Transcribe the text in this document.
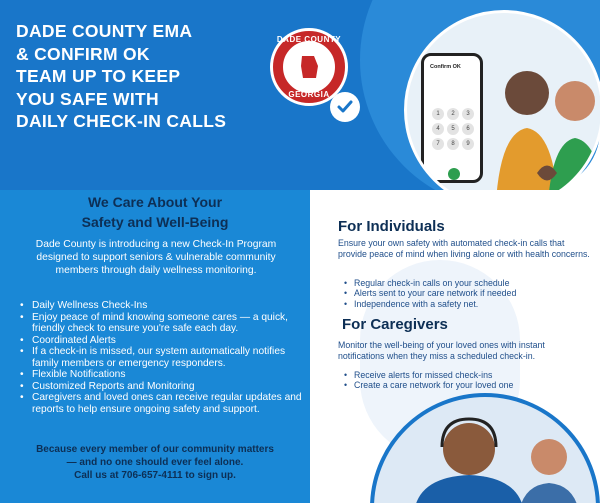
DADE COUNTY EMA
& CONFIRM OK
TEAM UP TO KEEP
YOU SAFE WITH
DAILY CHECK-IN CALLS
DADE COUNTY
GEORGIA
Confirm OK
1	2	3
4	5	6
7	8	9
We Care About Your
Safety and Well-Being

Dade County is introducing a new Check-In Program designed to support seniors & vulnerable community members through daily wellness monitoring.

• Daily Wellness Check-Ins
• Enjoy peace of mind knowing someone cares — a quick, friendly check to ensure you're safe each day.
• Coordinated Alerts
• If a check-in is missed, our system automatically notifies family members or emergency responders.
• Flexible Notifications
• Customized Reports and Monitoring
• Caregivers and loved ones can receive regular updates and reports to help ensure ongoing safety and support.
Because every member of our community matters
— and no one should ever feel alone.
Call us at 706-657-4111 to sign up.
For Individuals

Ensure your own safety with automated check-in calls that provide peace of mind when living alone or with health concerns.

• Regular check-in calls on your schedule
• Alerts sent to your care network if needed
• Independence with a safety net.
For Caregivers

Monitor the well-being of your loved ones with instant notifications when they miss a scheduled check-in.

• Receive alerts for missed check-ins
• Create a care network for your loved one
